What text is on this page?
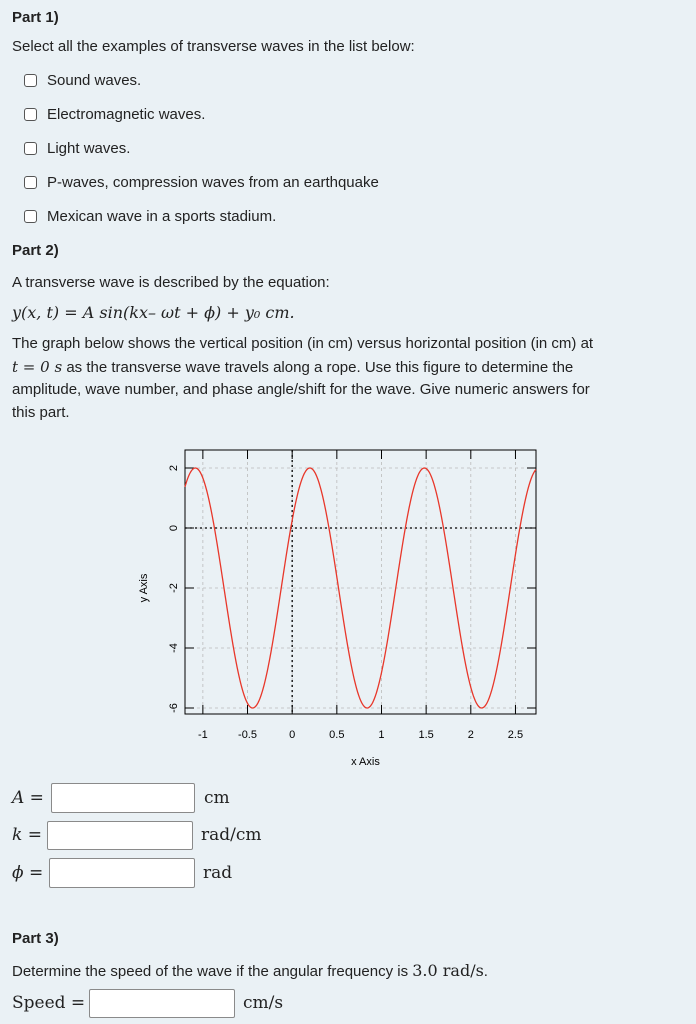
Part 1)
Select all the examples of transverse waves in the list below:
Sound waves.
Electromagnetic waves.
Light waves.
P-waves, compression waves from an earthquake
Mexican wave in a sports stadium.
Part 2)
A transverse wave is described by the equation:
y(x, t) = A sin(kx– ωt + ϕ) + y₀ cm.
The graph below shows the vertical position (in cm) versus horizontal position (in cm) at
t = 0 s as the transverse wave travels along a rope. Use this figure to determine the
amplitude, wave number, and phase angle/shift for the wave. Give numeric answers for
this part.
-1	-0.5	0	0.5	1	1.5	2	2.5
2
0
-2
-4
-6
x Axis
y Axis
A =	cm
k =	rad/cm
ϕ =	rad
Part 3)
Determine the speed of the wave if the angular frequency is 3.0 rad/s.
Speed =	cm/s
